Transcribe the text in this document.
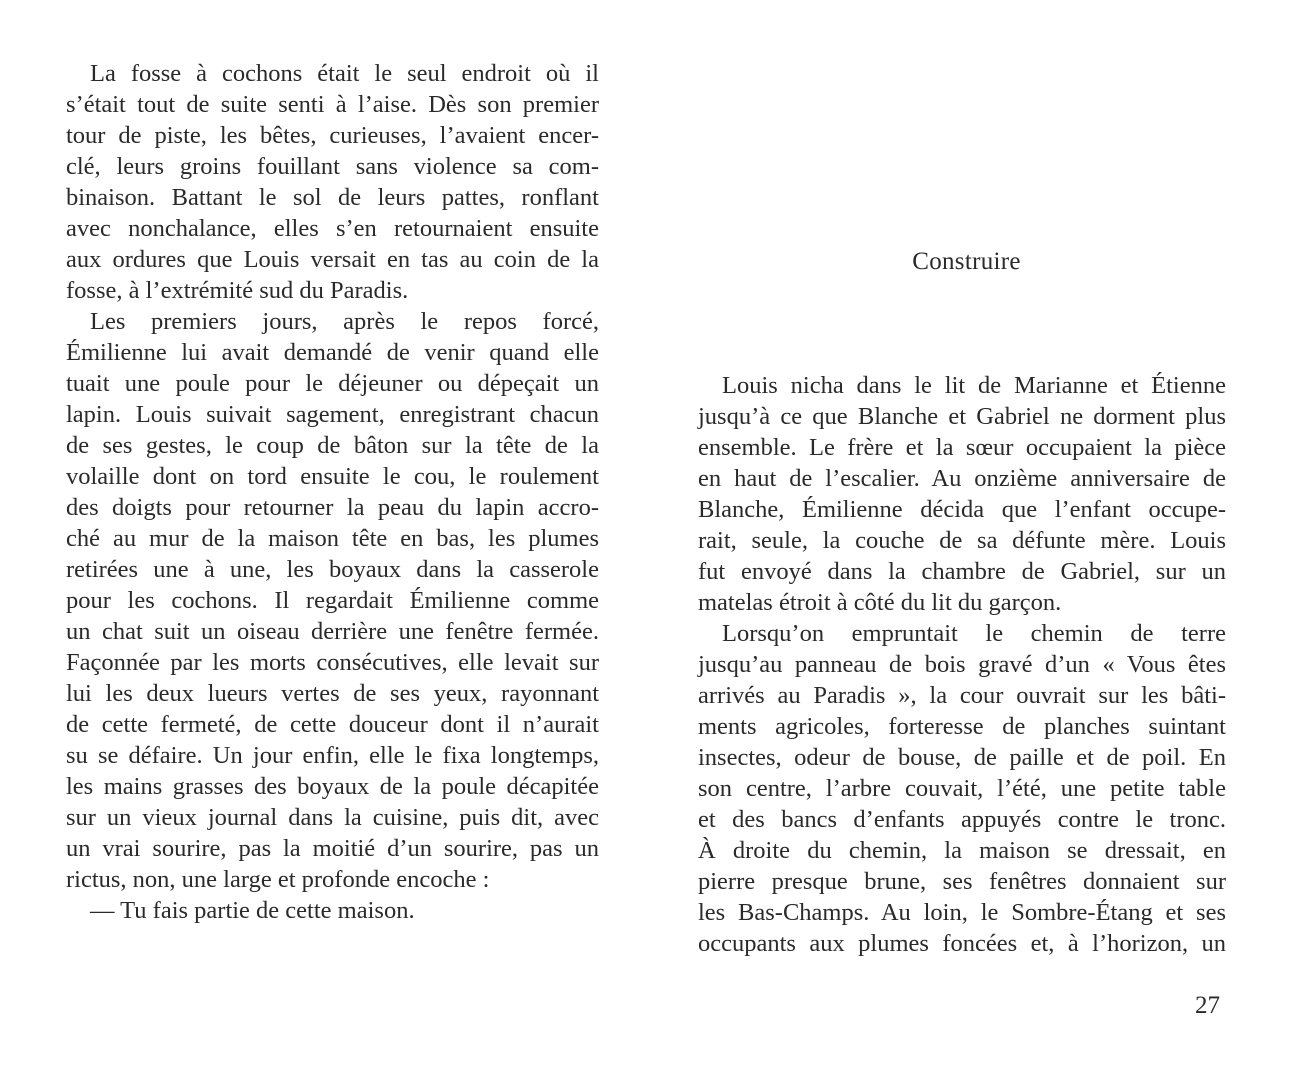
La fosse à cochons était le seul endroit où il
s’était tout de suite senti à l’aise. Dès son premier
tour de piste, les bêtes, curieuses, l’avaient encer-
clé, leurs groins fouillant sans violence sa com-
binaison. Battant le sol de leurs pattes, ronflant
avec nonchalance, elles s’en retournaient ensuite
aux ordures que Louis versait en tas au coin de la
fosse, à l’extrémité sud du Paradis.
Les premiers jours, après le repos forcé,
Émilienne lui avait demandé de venir quand elle
tuait une poule pour le déjeuner ou dépeçait un
lapin. Louis suivait sagement, enregistrant chacun
de ses gestes, le coup de bâton sur la tête de la
volaille dont on tord ensuite le cou, le roulement
des doigts pour retourner la peau du lapin accro-
ché au mur de la maison tête en bas, les plumes
retirées une à une, les boyaux dans la casserole
pour les cochons. Il regardait Émilienne comme
un chat suit un oiseau derrière une fenêtre fermée.
Façonnée par les morts consécutives, elle levait sur
lui les deux lueurs vertes de ses yeux, rayonnant
de cette fermeté, de cette douceur dont il n’aurait
su se défaire. Un jour enfin, elle le fixa longtemps,
les mains grasses des boyaux de la poule décapitée
sur un vieux journal dans la cuisine, puis dit, avec
un vrai sourire, pas la moitié d’un sourire, pas un
rictus, non, une large et profonde encoche :
— Tu fais partie de cette maison.
Construire
Louis nicha dans le lit de Marianne et Étienne
jusqu’à ce que Blanche et Gabriel ne dorment plus
ensemble. Le frère et la sœur occupaient la pièce
en haut de l’escalier. Au onzième anniversaire de
Blanche, Émilienne décida que l’enfant occupe-
rait, seule, la couche de sa défunte mère. Louis
fut envoyé dans la chambre de Gabriel, sur un
matelas étroit à côté du lit du garçon.
Lorsqu’on empruntait le chemin de terre
jusqu’au panneau de bois gravé d’un « Vous êtes
arrivés au Paradis », la cour ouvrait sur les bâti-
ments agricoles, forteresse de planches suintant
insectes, odeur de bouse, de paille et de poil. En
son centre, l’arbre couvait, l’été, une petite table
et des bancs d’enfants appuyés contre le tronc.
À droite du chemin, la maison se dressait, en
pierre presque brune, ses fenêtres donnaient sur
les Bas-Champs. Au loin, le Sombre-Étang et ses
occupants aux plumes foncées et, à l’horizon, un
27
